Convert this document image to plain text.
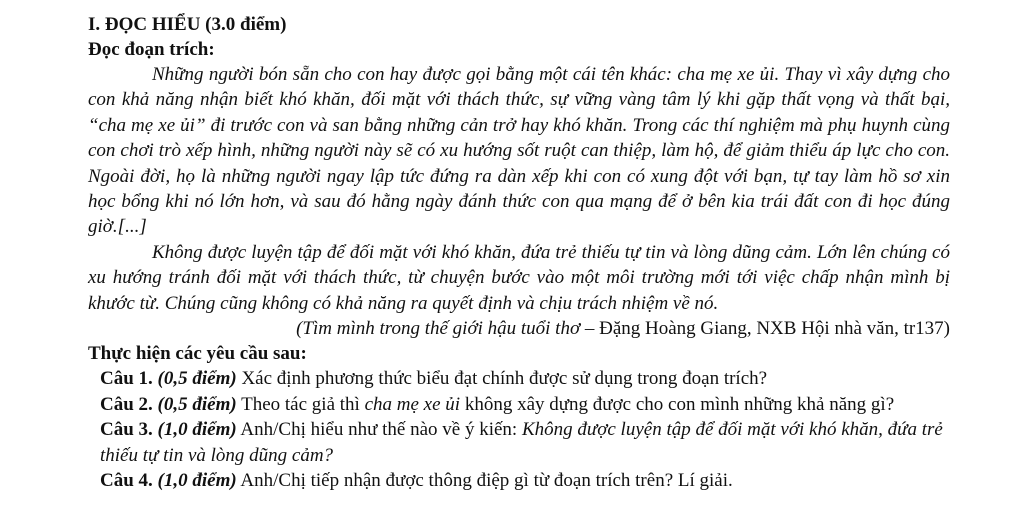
I. ĐỌC HIỂU (3.0 điểm)
Đọc đoạn trích:
Những người bón sẵn cho con hay được gọi bằng một cái tên khác: cha mẹ xe ủi. Thay vì xây dựng cho con khả năng nhận biết khó khăn, đối mặt với thách thức, sự vững vàng tâm lý khi gặp thất vọng và thất bại, “cha mẹ xe ủi” đi trước con và san bằng những cản trở hay khó khăn. Trong các thí nghiệm mà phụ huynh cùng con chơi trò xếp hình, những người này sẽ có xu hướng sốt ruột can thiệp, làm hộ, để giảm thiểu áp lực cho con. Ngoài đời, họ là những người ngay lập tức đứng ra dàn xếp khi con có xung đột với bạn, tự tay làm hồ sơ xin học bổng khi nó lớn hơn, và sau đó hằng ngày đánh thức con qua mạng để ở bên kia trái đất con đi học đúng giờ.[...]
Không được luyện tập để đối mặt với khó khăn, đứa trẻ thiếu tự tin và lòng dũng cảm. Lớn lên chúng có xu hướng tránh đối mặt với thách thức, từ chuyện bước vào một môi trường mới tới việc chấp nhận mình bị khước từ. Chúng cũng không có khả năng ra quyết định và chịu trách nhiệm về nó.
(Tìm mình trong thế giới hậu tuổi thơ – Đặng Hoàng Giang, NXB Hội nhà văn, tr137)
Thực hiện các yêu cầu sau:
Câu 1. (0,5 điểm) Xác định phương thức biểu đạt chính được sử dụng trong đoạn trích?
Câu 2. (0,5 điểm) Theo tác giả thì cha mẹ xe ủi không xây dựng được cho con mình những khả năng gì?
Câu 3. (1,0 điểm) Anh/Chị hiểu như thế nào về ý kiến: Không được luyện tập để đối mặt với khó khăn, đứa trẻ thiếu tự tin và lòng dũng cảm?
Câu 4. (1,0 điểm) Anh/Chị tiếp nhận được thông điệp gì từ đoạn trích trên? Lí giải.
